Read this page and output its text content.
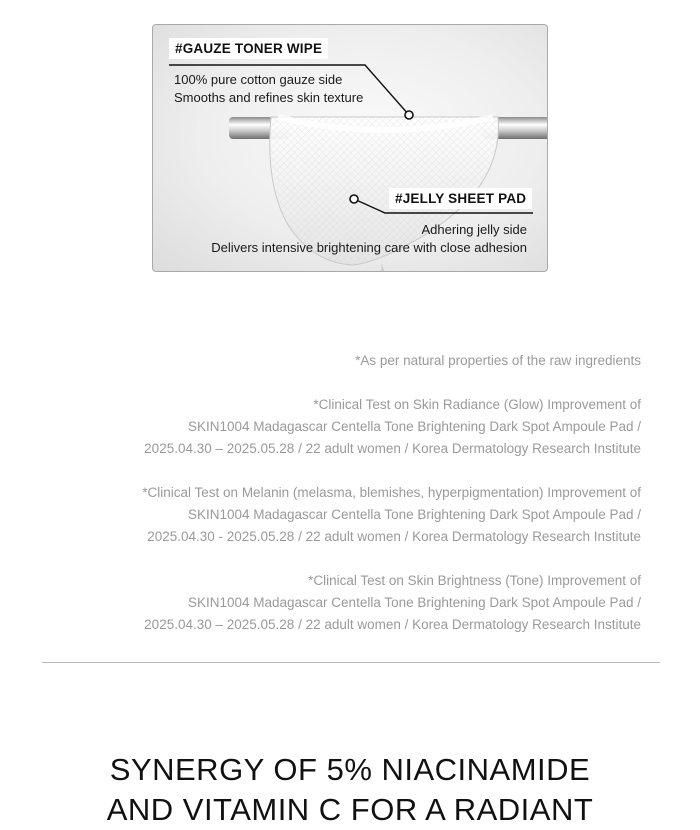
#GAUZE TONER WIPE
100% pure cotton gauze side
Smooths and refines skin texture
#JELLY SHEET PAD
Adhering jelly side
Delivers intensive brightening care with close adhesion

*As per natural properties of the raw ingredients

*Clinical Test on Skin Radiance (Glow) Improvement of
SKIN1004 Madagascar Centella Tone Brightening Dark Spot Ampoule Pad /
2025.04.30 – 2025.05.28 / 22 adult women / Korea Dermatology Research Institute

*Clinical Test on Melanin (melasma, blemishes, hyperpigmentation) Improvement of
SKIN1004 Madagascar Centella Tone Brightening Dark Spot Ampoule Pad /
2025.04.30 - 2025.05.28 / 22 adult women / Korea Dermatology Research Institute

*Clinical Test on Skin Brightness (Tone) Improvement of
SKIN1004 Madagascar Centella Tone Brightening Dark Spot Ampoule Pad /
2025.04.30 – 2025.05.28 / 22 adult women / Korea Dermatology Research Institute

SYNERGY OF 5% NIACINAMIDE
AND VITAMIN C FOR A RADIANT
